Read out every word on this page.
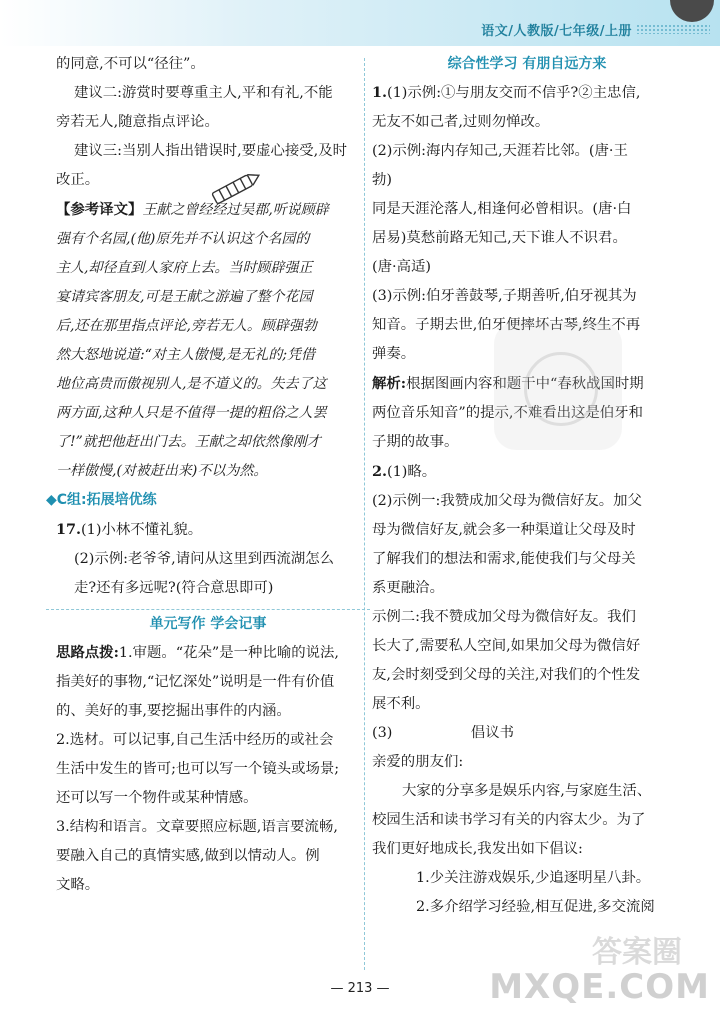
语文/人教版/七年级/上册

的同意,不可以“径往”。

建议二:游赏时要尊重主人,平和有礼,不能

旁若无人,随意指点评论。

建议三:当别人指出错误时,要虚心接受,及时

改正。

【参考译文】王献之曾经经过吴郡,听说顾辟

强有个名园,(他)原先并不认识这个名园的

主人,却径直到人家府上去。当时顾辟强正

宴请宾客朋友,可是王献之游遍了整个花园

后,还在那里指点评论,旁若无人。顾辟强勃

然大怒地说道:“对主人傲慢,是无礼的;凭借

地位高贵而傲视别人,是不道义的。失去了这

两方面,这种人只是不值得一提的粗俗之人罢

了!”就把他赶出门去。王献之却依然像刚才

一样傲慢,(对被赶出来)不以为然。

◆C组:拓展培优练

17.(1)小林不懂礼貌。

(2)示例:老爷爷,请问从这里到西流湖怎么

走?还有多远呢?(符合意思即可)

单元写作 学会记事

思路点拨:1.审题。“花朵”是一种比喻的说法,

指美好的事物,“记忆深处”说明是一件有价值

的、美好的事,要挖掘出事件的内涵。

2.选材。可以记事,自己生活中经历的或社会

生活中发生的皆可;也可以写一个镜头或场景;

还可以写一个物件或某种情感。

3.结构和语言。文章要照应标题,语言要流畅,

要融入自己的真情实感,做到以情动人。例

文略。

综合性学习 有朋自远方来

1.(1)示例:①与朋友交而不信乎?②主忠信,

无友不如己者,过则勿惮改。

(2)示例:海内存知己,天涯若比邻。(唐·王

勃)

同是天涯沦落人,相逢何必曾相识。(唐·白

居易)莫愁前路无知己,天下谁人不识君。

(唐·高适)

(3)示例:伯牙善鼓琴,子期善听,伯牙视其为

知音。子期去世,伯牙便摔坏古琴,终生不再

弹奏。

解析:根据图画内容和题干中“春秋战国时期

两位音乐知音”的提示,不难看出这是伯牙和

子期的故事。

2.(1)略。

(2)示例一:我赞成加父母为微信好友。加父

母为微信好友,就会多一种渠道让父母及时

了解我们的想法和需求,能使我们与父母关

系更融洽。

示例二:我不赞成加父母为微信好友。我们

长大了,需要私人空间,如果加父母为微信好

友,会时刻受到父母的关注,对我们的个性发

展不利。

(3)	倡议书

亲爱的朋友们:

大家的分享多是娱乐内容,与家庭生活、

校园生活和读书学习有关的内容太少。为了

我们更好地成长,我发出如下倡议:

1.少关注游戏娱乐,少追逐明星八卦。

2.多介绍学习经验,相互促进,多交流阅

答案圈
MXQE.COM
— 213 —
